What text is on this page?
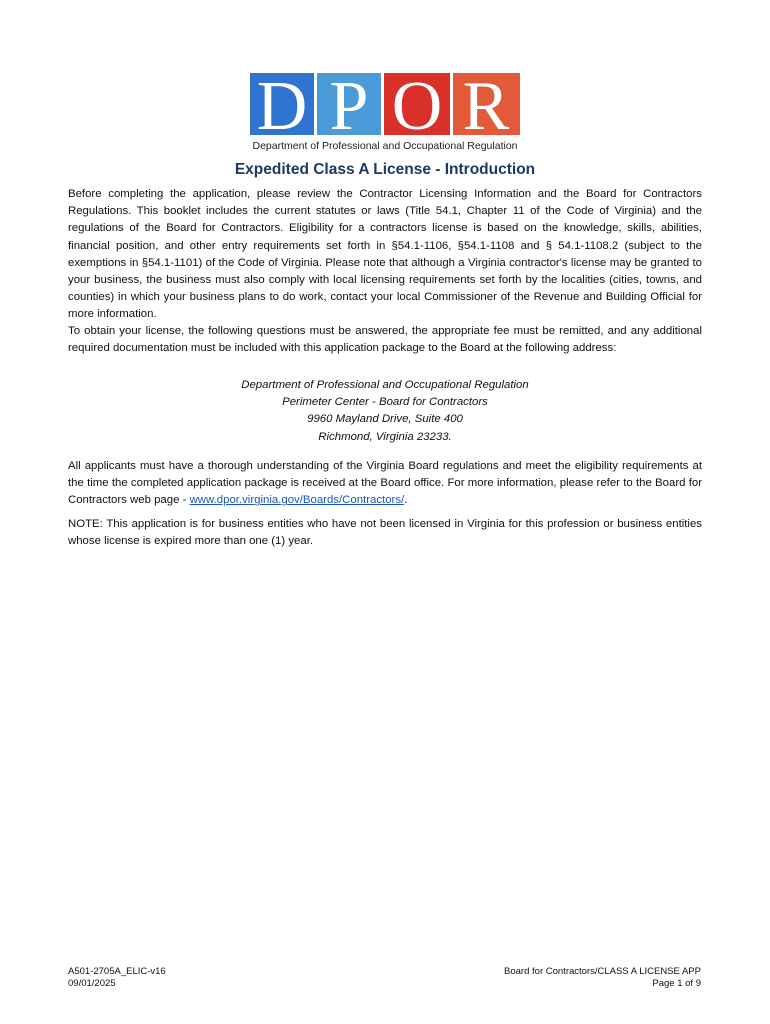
D P O R
Department of Professional and Occupational Regulation
Expedited Class A License - Introduction

Before completing the application, please review the Contractor Licensing Information and the Board for Contractors Regulations. This booklet includes the current statutes or laws (Title 54.1, Chapter 11 of the Code of Virginia) and the regulations of the Board for Contractors. Eligibility for a contractors license is based on the knowledge, skills, abilities, financial position, and other entry requirements set forth in §54.1-1106, §54.1-1108 and § 54.1-1108.2 (subject to the exemptions in §54.1-1101) of the Code of Virginia. Please note that although a Virginia contractor's license may be granted to your business, the business must also comply with local licensing requirements set forth by the localities (cities, towns, and counties) in which your business plans to do work, contact your local Commissioner of the Revenue and Building Official for more information.

To obtain your license, the following questions must be answered, the appropriate fee must be remitted, and any additional required documentation must be included with this application package to the Board at the following address:

Department of Professional and Occupational Regulation
Perimeter Center - Board for Contractors
9960 Mayland Drive, Suite 400
Richmond, Virginia 23233.

All applicants must have a thorough understanding of the Virginia Board regulations and meet the eligibility requirements at the time the completed application package is received at the Board office. For more information, please refer to the Board for Contractors web page - www.dpor.virginia.gov/Boards/Contractors/.

NOTE: This application is for business entities who have not been licensed in Virginia for this profession or business entities whose license is expired more than one (1) year.

A501-2705A_ELIC-v16
09/01/2025
Board for Contractors/CLASS A LICENSE APP
Page 1 of 9
